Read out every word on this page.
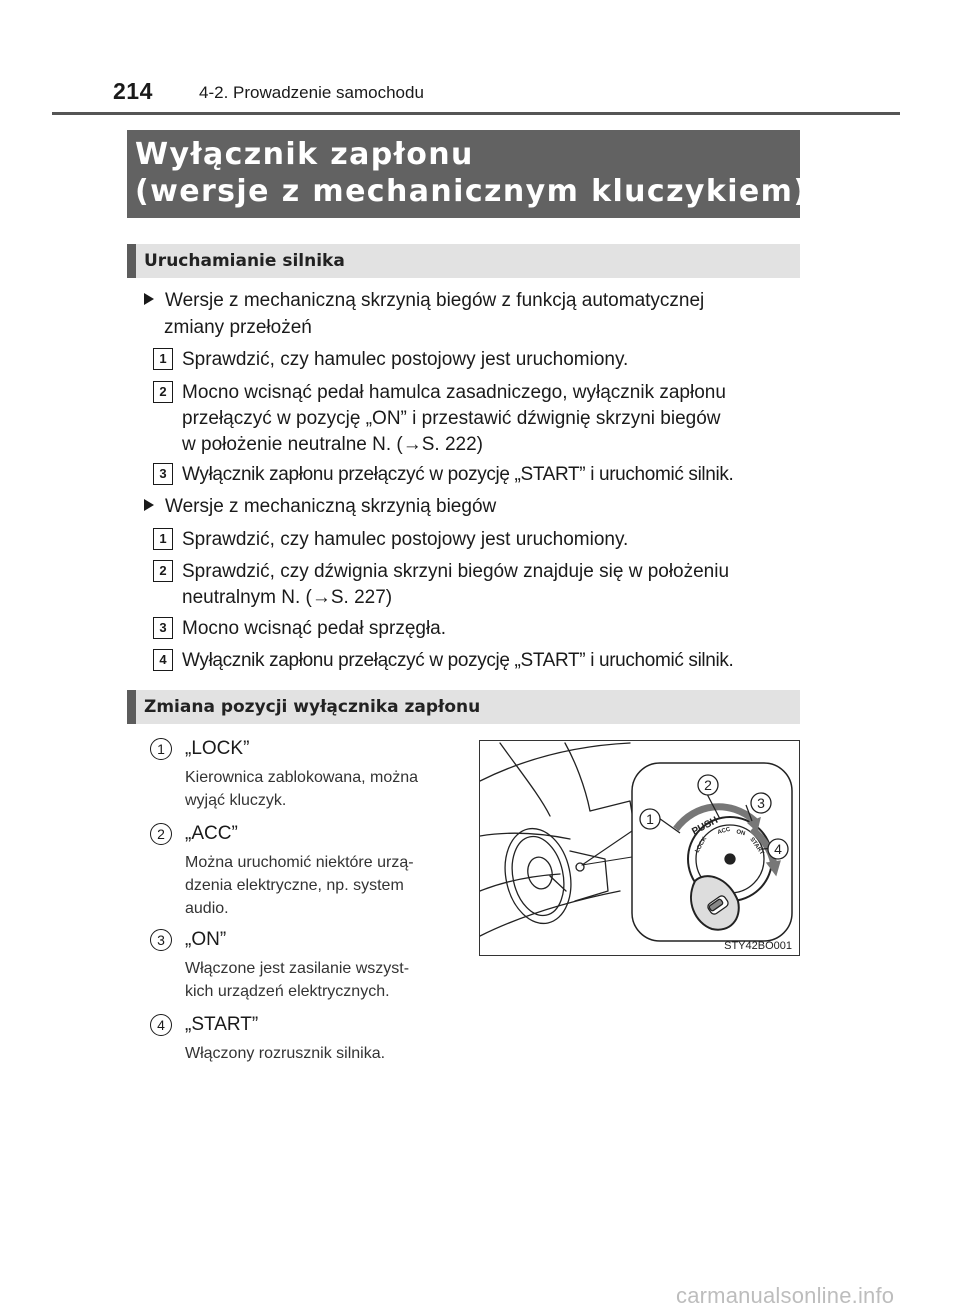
214	4-2. Prowadzenie samochodu
Wyłącznik zapłonu
(wersje z mechanicznym kluczykiem)
Uruchamianie silnika
Wersje z mechaniczną skrzynią biegów z funkcją automatycznej
zmiany przełożeń
1 Sprawdzić, czy hamulec postojowy jest uruchomiony.
2 Mocno wcisnąć pedał hamulca zasadniczego, wyłącznik zapłonu
przełączyć w pozycję „ON” i przestawić dźwignię skrzyni biegów
w położenie neutralne N. (→S. 222)
3 Wyłącznik zapłonu przełączyć w pozycję „START” i uruchomić silnik.
Wersje z mechaniczną skrzynią biegów
1 Sprawdzić, czy hamulec postojowy jest uruchomiony.
2 Sprawdzić, czy dźwignia skrzyni biegów znajduje się w położeniu
neutralnym N. (→S. 227)
3 Mocno wcisnąć pedał sprzęgła.
4 Wyłącznik zapłonu przełączyć w pozycję „START” i uruchomić silnik.
Zmiana pozycji wyłącznika zapłonu
1	„LOCK”
Kierownica zablokowana, można
wyjąć kluczyk.
2	„ACC”
Można uruchomić niektóre urzą-
dzenia elektryczne, np. system
audio.
3	„ON”
Włączone jest zasilanie wszyst-
kich urządzeń elektrycznych.
4	„START”
Włączony rozrusznik silnika.
1
2
3
4
PUSH
LOCK
ACC ON
START
STY42BO001
carmanualsonline.info
